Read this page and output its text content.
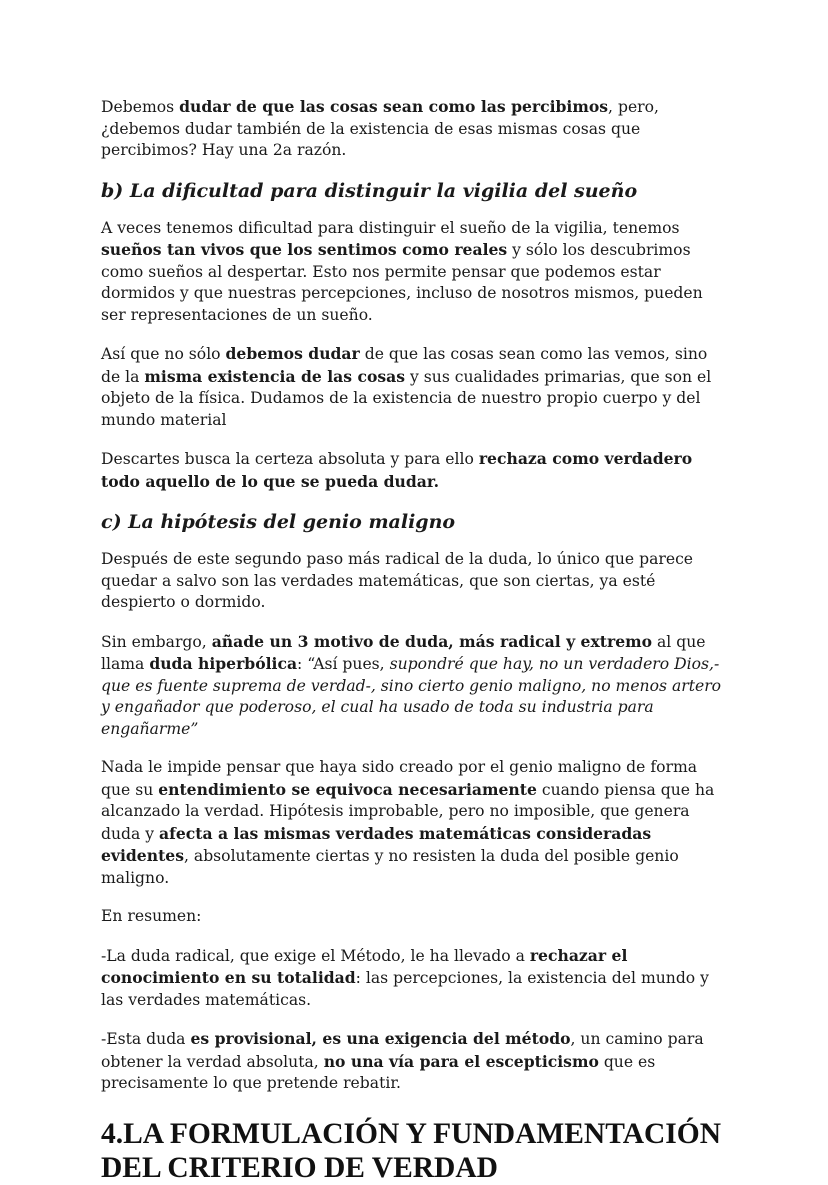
Debemos dudar de que las cosas sean como las percibimos, pero, ¿debemos dudar también de la existencia de esas mismas cosas que percibimos? Hay una 2a razón.

b) La dificultad para distinguir la vigilia del sueño

A veces tenemos dificultad para distinguir el sueño de la vigilia, tenemos sueños tan vivos que los sentimos como reales y sólo los descubrimos como sueños al despertar. Esto nos permite pensar que podemos estar dormidos y que nuestras percepciones, incluso de nosotros mismos, pueden ser representaciones de un sueño.

Así que no sólo debemos dudar de que las cosas sean como las vemos, sino de la misma existencia de las cosas y sus cualidades primarias, que son el objeto de la física. Dudamos de la existencia de nuestro propio cuerpo y del mundo material

Descartes busca la certeza absoluta y para ello rechaza como verdadero todo aquello de lo que se pueda dudar.

c) La hipótesis del genio maligno

Después de este segundo paso más radical de la duda, lo único que parece quedar a salvo son las verdades matemáticas, que son ciertas, ya esté despierto o dormido.

Sin embargo, añade un 3 motivo de duda, más radical y extremo al que llama duda hiperbólica: “Así pues, supondré que hay, no un verdadero Dios,- que es fuente suprema de verdad-, sino cierto genio maligno, no menos artero y engañador que poderoso, el cual ha usado de toda su industria para engañarme”

Nada le impide pensar que haya sido creado por el genio maligno de forma que su entendimiento se equivoca necesariamente cuando piensa que ha alcanzado la verdad. Hipótesis improbable, pero no imposible, que genera duda y afecta a las mismas verdades matemáticas consideradas evidentes, absolutamente ciertas y no resisten la duda del posible genio maligno.

En resumen:

-La duda radical, que exige el Método, le ha llevado a rechazar el conocimiento en su totalidad: las percepciones, la existencia del mundo y las verdades matemáticas.

-Esta duda es provisional, es una exigencia del método, un camino para obtener la verdad absoluta, no una vía para el escepticismo que es precisamente lo que pretende rebatir.

4.LA FORMULACIÓN Y FUNDAMENTACIÓN DEL CRITERIO DE VERDAD
